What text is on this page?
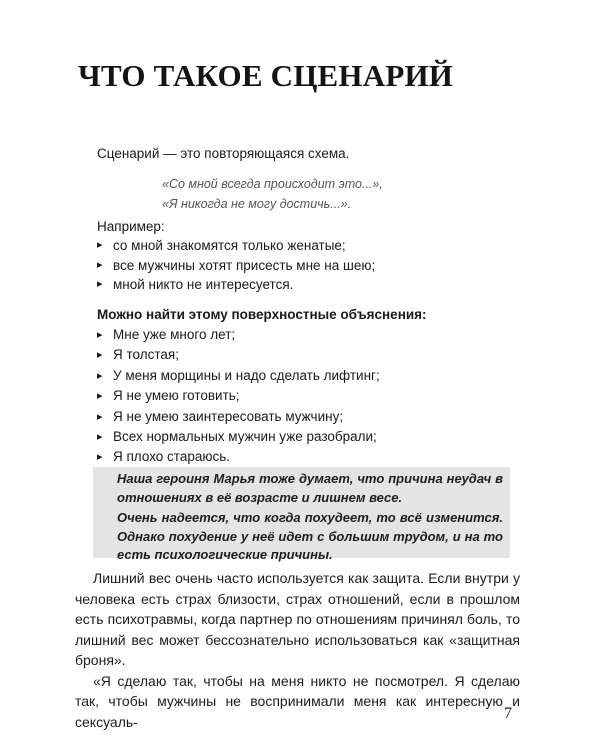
ЧТО ТАКОЕ СЦЕНАРИЙ

Сценарий — это повторяющаяся схема.

«Со мной всегда происходит это...»,
«Я никогда не могу достичь...».

Например:

▸ со мной знакомятся только женатые;
▸ все мужчины хотят присесть мне на шею;
▸ мной никто не интересуется.

Можно найти этому поверхностные объяснения:

▸ Мне уже много лет;
▸ Я толстая;
▸ У меня морщины и надо сделать лифтинг;
▸ Я не умею готовить;
▸ Я не умею заинтересовать мужчину;
▸ Всех нормальных мужчин уже разобрали;
▸ Я плохо стараюсь.

Наша героиня Марья тоже думает, что причина неудач в отношениях в её возрасте и лишнем весе.

Очень надеется, что когда похудеет, то всё изменится. Однако похудение у неё идет с большим трудом, и на то есть психологические причины.

Лишний вес очень часто используется как защита. Если внутри у человека есть страх близости, страх отношений, если в прошлом есть психотравмы, когда партнер по отношениям причинял боль, то лишний вес может бессознательно использоваться как «защитная броня».

«Я сделаю так, чтобы на меня никто не посмотрел. Я сделаю так, чтобы мужчины не воспринимали меня как интересную и сексуаль-	7
